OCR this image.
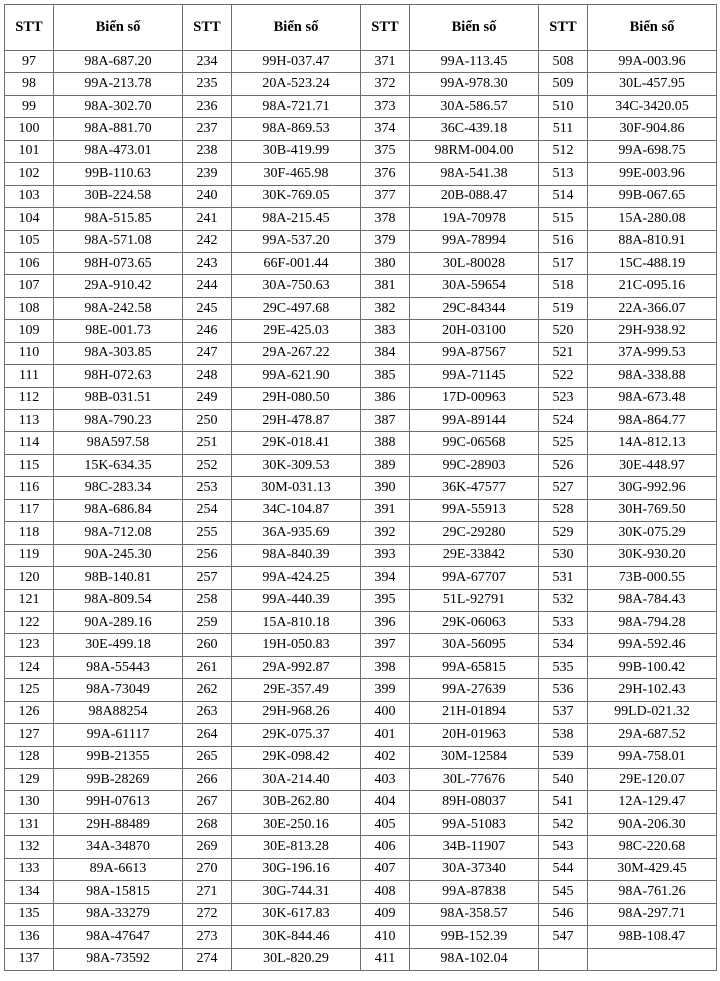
STT	Biển số	STT	Biển số	STT	Biển số	STT	Biển số
97	98A-687.20	234	99H-037.47	371	99A-113.45	508	99A-003.96
98	99A-213.78	235	20A-523.24	372	99A-978.30	509	30L-457.95
99	98A-302.70	236	98A-721.71	373	30A-586.57	510	34C-3420.05
100	98A-881.70	237	98A-869.53	374	36C-439.18	511	30F-904.86
101	98A-473.01	238	30B-419.99	375	98RM-004.00	512	99A-698.75
102	99B-110.63	239	30F-465.98	376	98A-541.38	513	99E-003.96
103	30B-224.58	240	30K-769.05	377	20B-088.47	514	99B-067.65
104	98A-515.85	241	98A-215.45	378	19A-70978	515	15A-280.08
105	98A-571.08	242	99A-537.20	379	99A-78994	516	88A-810.91
106	98H-073.65	243	66F-001.44	380	30L-80028	517	15C-488.19
107	29A-910.42	244	30A-750.63	381	30A-59654	518	21C-095.16
108	98A-242.58	245	29C-497.68	382	29C-84344	519	22A-366.07
109	98E-001.73	246	29E-425.03	383	20H-03100	520	29H-938.92
110	98A-303.85	247	29A-267.22	384	99A-87567	521	37A-999.53
111	98H-072.63	248	99A-621.90	385	99A-71145	522	98A-338.88
112	98B-031.51	249	29H-080.50	386	17D-00963	523	98A-673.48
113	98A-790.23	250	29H-478.87	387	99A-89144	524	98A-864.77
114	98A597.58	251	29K-018.41	388	99C-06568	525	14A-812.13
115	15K-634.35	252	30K-309.53	389	99C-28903	526	30E-448.97
116	98C-283.34	253	30M-031.13	390	36K-47577	527	30G-992.96
117	98A-686.84	254	34C-104.87	391	99A-55913	528	30H-769.50
118	98A-712.08	255	36A-935.69	392	29C-29280	529	30K-075.29
119	90A-245.30	256	98A-840.39	393	29E-33842	530	30K-930.20
120	98B-140.81	257	99A-424.25	394	99A-67707	531	73B-000.55
121	98A-809.54	258	99A-440.39	395	51L-92791	532	98A-784.43
122	90A-289.16	259	15A-810.18	396	29K-06063	533	98A-794.28
123	30E-499.18	260	19H-050.83	397	30A-56095	534	99A-592.46
124	98A-55443	261	29A-992.87	398	99A-65815	535	99B-100.42
125	98A-73049	262	29E-357.49	399	99A-27639	536	29H-102.43
126	98A88254	263	29H-968.26	400	21H-01894	537	99LD-021.32
127	99A-61117	264	29K-075.37	401	20H-01963	538	29A-687.52
128	99B-21355	265	29K-098.42	402	30M-12584	539	99A-758.01
129	99B-28269	266	30A-214.40	403	30L-77676	540	29E-120.07
130	99H-07613	267	30B-262.80	404	89H-08037	541	12A-129.47
131	29H-88489	268	30E-250.16	405	99A-51083	542	90A-206.30
132	34A-34870	269	30E-813.28	406	34B-11907	543	98C-220.68
133	89A-6613	270	30G-196.16	407	30A-37340	544	30M-429.45
134	98A-15815	271	30G-744.31	408	99A-87838	545	98A-761.26
135	98A-33279	272	30K-617.83	409	98A-358.57	546	98A-297.71
136	98A-47647	273	30K-844.46	410	99B-152.39	547	98B-108.47
137	98A-73592	274	30L-820.29	411	98A-102.04		
